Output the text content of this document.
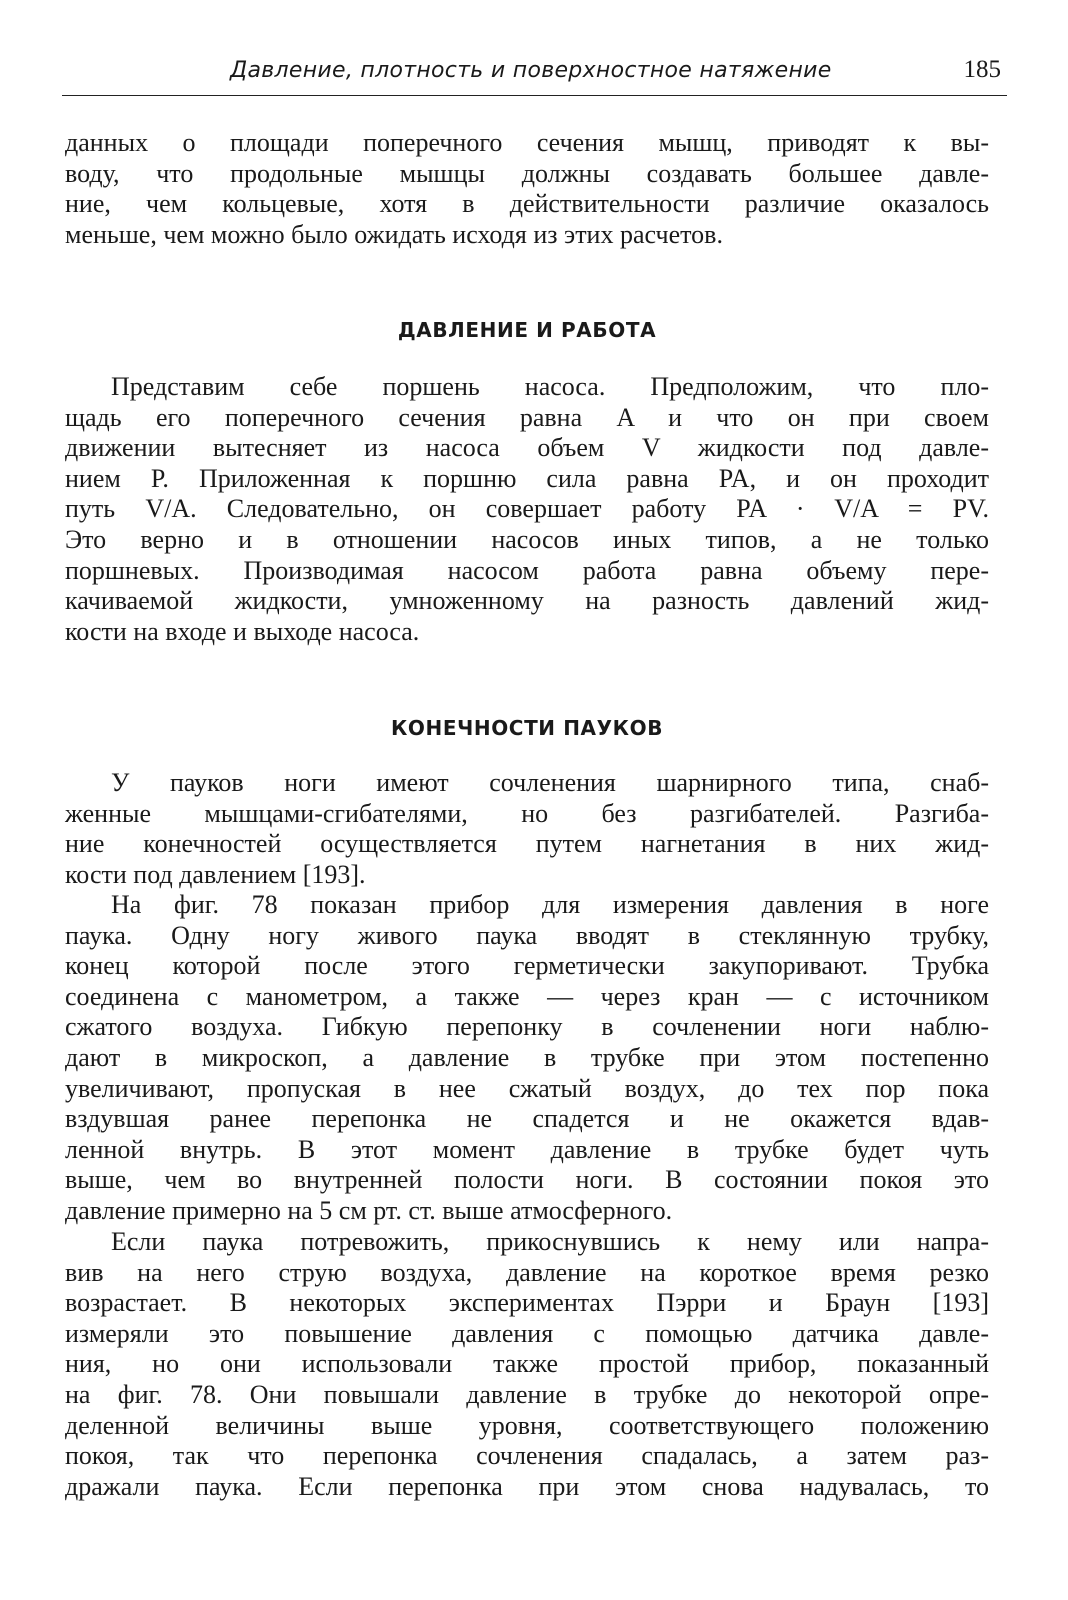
Давление, плотность и поверхностное натяжение	185
данных о площади поперечного сечения мышц, приводят к вы-
воду, что продольные мышцы должны создавать большее давле-
ние, чем кольцевые, хотя в действительности различие оказалось
меньше, чем можно было ожидать исходя из этих расчетов.
ДАВЛЕНИЕ И РАБОТА
Представим себе поршень насоса. Предположим, что пло-
щадь его поперечного сечения равна A и что он при своем
движении вытесняет из насоса объем V жидкости под давле-
нием P. Приложенная к поршню сила равна PA, и он проходит
путь V/A. Следовательно, он совершает работу PA · V/A = PV.
Это верно и в отношении насосов иных типов, а не только
поршневых. Производимая насосом работа равна объему пере-
качиваемой жидкости, умноженному на разность давлений жид-
кости на входе и выходе насоса.
КОНЕЧНОСТИ ПАУКОВ
У пауков ноги имеют сочленения шарнирного типа, снаб-
женные мышцами-сгибателями, но без разгибателей. Разгиба-
ние конечностей осуществляется путем нагнетания в них жид-
кости под давлением [193].
На фиг. 78 показан прибор для измерения давления в ноге
паука. Одну ногу живого паука вводят в стеклянную трубку,
конец которой после этого герметически закупоривают. Трубка
соединена с манометром, а также — через кран — с источником
сжатого воздуха. Гибкую перепонку в сочленении ноги наблю-
дают в микроскоп, а давление в трубке при этом постепенно
увеличивают, пропуская в нее сжатый воздух, до тех пор пока
вздувшая ранее перепонка не спадется и не окажется вдав-
ленной внутрь. В этот момент давление в трубке будет чуть
выше, чем во внутренней полости ноги. В состоянии покоя это
давление примерно на 5 см рт. ст. выше атмосферного.
Если паука потревожить, прикоснувшись к нему или напра-
вив на него струю воздуха, давление на короткое время резко
возрастает. В некоторых экспериментах Пэрри и Браун [193]
измеряли это повышение давления с помощью датчика давле-
ния, но они использовали также простой прибор, показанный
на фиг. 78. Они повышали давление в трубке до некоторой опре-
деленной величины выше уровня, соответствующего положению
покоя, так что перепонка сочленения спадалась, а затем раз-
дражали паука. Если перепонка при этом снова надувалась, то
